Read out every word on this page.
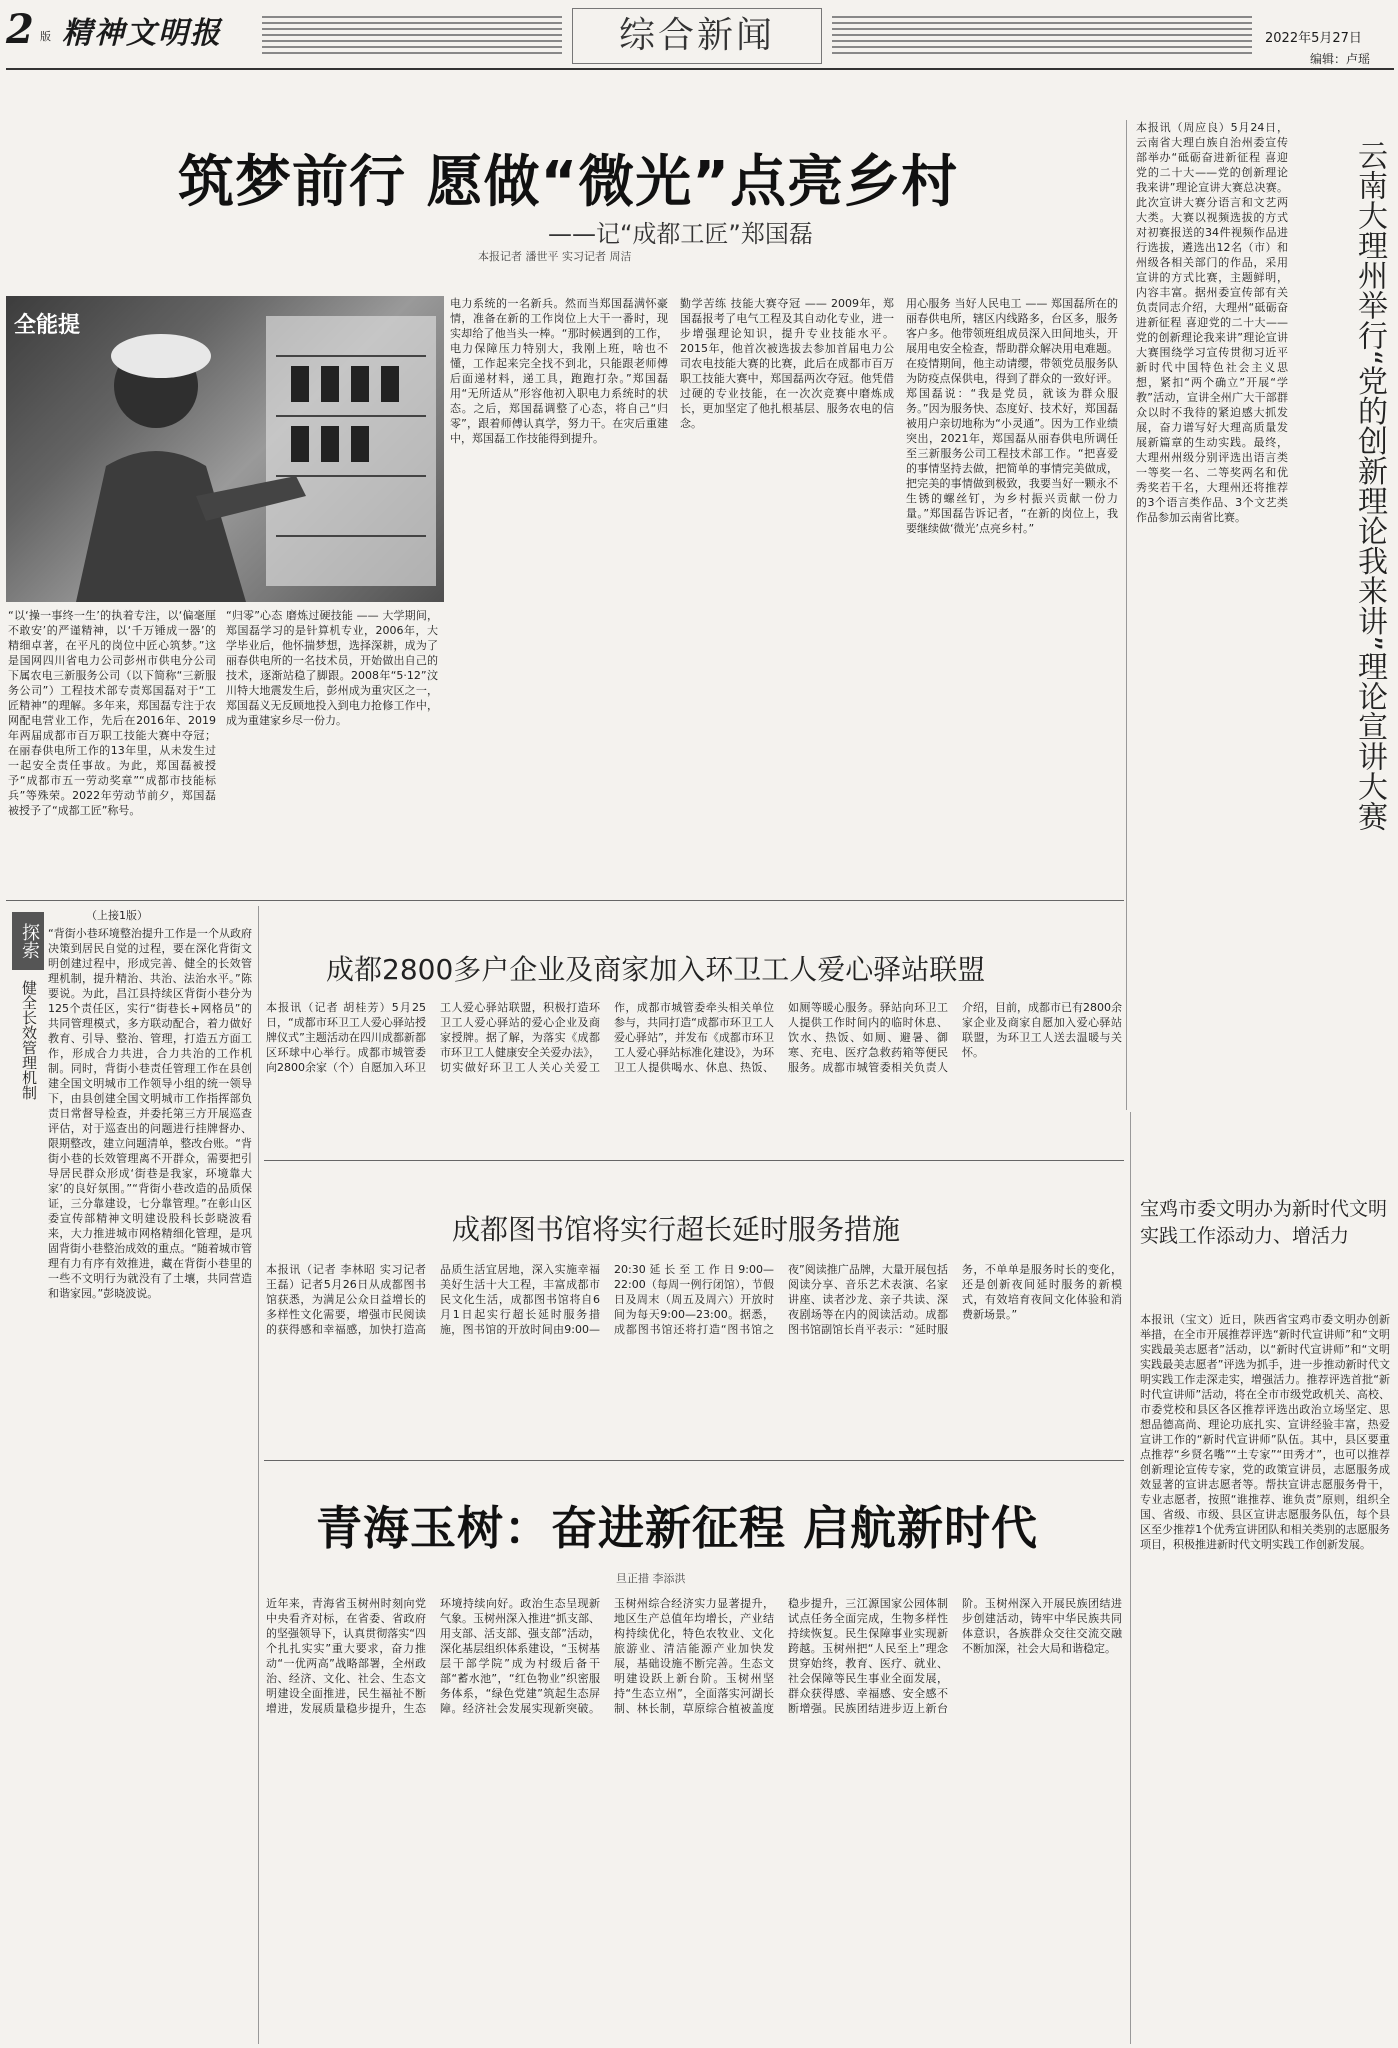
2 版 精神文明报	综合新闻	2022年5月27日
编辑：卢瑶
筑梦前行 愿做“微光”点亮乡村
——记“成都工匠”郑国磊
本报记者 潘世平 实习记者 周洁
全能提
“以‘操一事终一生’的执着专注，以‘偏毫厘不敢安’的严谨精神，以‘千万锤成一器’的精细卓著，在平凡的岗位中匠心筑梦。”这是国网四川省电力公司彭州市供电分公司下属农电三新服务公司（以下简称“三新服务公司”）工程技术部专责郑国磊对于“工匠精神”的理解。多年来，郑国磊专注于农网配电营业工作，先后在2016年、2019年两届成都市百万职工技能大赛中夺冠；在丽春供电所工作的13年里，从未发生过一起安全责任事故。为此，郑国磊被授予“成都市五一劳动奖章”“成都市技能标兵”等殊荣。2022年劳动节前夕，郑国磊被授予了“成都工匠”称号。
“归零”心态 磨炼过硬技能 —— 大学期间，郑国磊学习的是针算机专业，2006年，大学毕业后，他怀揣梦想，选择深耕，成为了丽春供电所的一名技术员，开始做出自己的技术，逐渐站稳了脚跟。2008年“5·12”汶川特大地震发生后，彭州成为重灾区之一，郑国磊义无反顾地投入到电力抢修工作中，成为重建家乡尽一份力。
电力系统的一名新兵。然而当郑国磊满怀豪情，准备在新的工作岗位上大干一番时，现实却给了他当头一棒。“那时候遇到的工作，电力保障压力特别大，我刚上班，啥也不懂，工作起来完全找不到北，只能跟老师傅后面递材料，递工具，跑跑打杂。”郑国磊用“无所适从”形容他初入职电力系统时的状态。之后，郑国磊调整了心态，将自己“归零”，跟着师傅认真学，努力干。在灾后重建中，郑国磊工作技能得到提升。
勤学苦练 技能大赛夺冠 —— 2009年，郑国磊报考了电气工程及其自动化专业，进一步增强理论知识，提升专业技能水平。2015年，他首次被选拔去参加首届电力公司农电技能大赛的比赛，此后在成都市百万职工技能大赛中，郑国磊两次夺冠。他凭借过硬的专业技能，在一次次竞赛中磨炼成长，更加坚定了他扎根基层、服务农电的信念。
用心服务 当好人民电工 —— 郑国磊所在的丽春供电所，辖区内线路多，台区多，服务客户多。他带领班组成员深入田间地头，开展用电安全检查，帮助群众解决用电难题。在疫情期间，他主动请缨，带领党员服务队为防疫点保供电，得到了群众的一致好评。 郑国磊说：“我是党员，就该为群众服务。”因为服务快、态度好、技术好，郑国磊被用户亲切地称为“小灵通”。因为工作业绩突出，2021年，郑国磊从丽春供电所调任至三新服务公司工程技术部工作。“把喜爱的事情坚持去做，把简单的事情完美做成，把完美的事情做到极致，我要当好一颗永不生锈的螺丝钉，为乡村振兴贡献一份力量。”郑国磊告诉记者，“在新的岗位上，我要继续做‘微光’点亮乡村。”
本报讯（周应良）5月24日，云南省大理白族自治州委宣传部举办“砥砺奋进新征程 喜迎党的二十大——党的创新理论我来讲”理论宣讲大赛总决赛。此次宣讲大赛分语言和文艺两大类。大赛以视频选拔的方式对初赛报送的34件视频作品进行选拔，遴选出12名（市）和州级各相关部门的作品，采用宣讲的方式比赛，主题鲜明，内容丰富。据州委宣传部有关负责同志介绍，大理州“砥砺奋进新征程 喜迎党的二十大——党的创新理论我来讲”理论宣讲大赛围绕学习宣传贯彻习近平新时代中国特色社会主义思想，紧扣“两个确立”开展“学教”活动，宣讲全州广大干部群众以时不我待的紧迫感大抓发展，奋力谱写好大理高质量发展新篇章的生动实践。最终，大理州州级分别评选出语言类一等奖一名、二等奖两名和优秀奖若干名，大理州还将推荐的3个语言类作品、3个文艺类作品参加云南省比赛。	云南大理州举行“党的创新理论我来讲”理论宣讲大赛
探索
健全长效管理机制
（上接1版）
“背街小巷环境整治提升工作是一个从政府决策到居民自觉的过程，要在深化背街文明创建过程中，形成完善、健全的长效管理机制，提升精治、共治、法治水平。”陈要说。为此，昌江县持续区背街小巷分为125个责任区，实行“街巷长+网格员”的共同管理模式，多方联动配合，着力做好教育、引导、整治、管理，打造五方面工作，形成合力共进，合力共治的工作机制。同时，背街小巷责任管理工作在县创建全国文明城市工作领导小组的统一领导下，由县创建全国文明城市工作指挥部负责日常督导检查，并委托第三方开展巡查评估，对于巡查出的问题进行挂牌督办、限期整改，建立问题清单，整改台账。“背街小巷的长效管理离不开群众，需要把引导居民群众形成‘街巷是我家，环境靠大家’的良好氛围。”“背街小巷改造的品质保证，三分靠建设，七分靠管理。”在彰山区委宣传部精神文明建设股科长彭晓波看来，大力推进城市网格精细化管理，是巩固背街小巷整治成效的重点。“随着城市管理有力有序有效推进，藏在背街小巷里的一些不文明行为就没有了土壤，共同营造和谐家园。”彭晓波说。
成都2800多户企业及商家加入环卫工人爱心驿站联盟
本报讯（记者 胡桂芳）5月25日，“成都市环卫工人爱心驿站授牌仪式”主题活动在四川成都新都区环球中心举行。成都市城管委向2800余家（个）自愿加入环卫工人爱心驿站联盟，积极打造环卫工人爱心驿站的爱心企业及商家授牌。据了解，为落实《成都市环卫工人健康安全关爱办法》，切实做好环卫工人关心关爱工作，成都市城管委牵头相关单位参与，共同打造“成都市环卫工人爱心驿站”，并发布《成都市环卫工人爱心驿站标准化建设》，为环卫工人提供喝水、休息、热饭、如厕等暖心服务。驿站向环卫工人提供工作时间内的临时休息、饮水、热饭、如厕、避暑、御寒、充电、医疗急救药箱等便民服务。成都市城管委相关负责人介绍，目前，成都市已有2800余家企业及商家自愿加入爱心驿站联盟，为环卫工人送去温暖与关怀。
成都图书馆将实行超长延时服务措施
本报讯（记者 李林昭 实习记者 王磊）记者5月26日从成都图书馆获悉，为满足公众日益增长的多样性文化需要，增强市民阅读的获得感和幸福感，加快打造高品质生活宜居地，深入实施幸福美好生活十大工程，丰富成都市民文化生活，成都图书馆将自6月1日起实行超长延时服务措施，图书馆的开放时间由9:00—20:30延长至工作日9:00—22:00（每周一例行闭馆），节假日及周末（周五及周六）开放时间为每天9:00—23:00。据悉，成都图书馆还将打造“图书馆之夜”阅读推广品牌，大量开展包括阅读分享、音乐艺术表演、名家讲座、读者沙龙、亲子共读、深夜剧场等在内的阅读活动。成都图书馆副馆长肖平表示：“延时服务，不单单是服务时长的变化，还是创新夜间延时服务的新模式，有效培育夜间文化体验和消费新场景。”
宝鸡市委文明办为新时代文明实践工作添动力、增活力
本报讯（宝文）近日，陕西省宝鸡市委文明办创新举措，在全市开展推荐评选“新时代宣讲师”和“文明实践最美志愿者”活动，以“新时代宣讲师”和“文明实践最美志愿者”评选为抓手，进一步推动新时代文明实践工作走深走实，增强活力。推荐评选首批“新时代宣讲师”活动，将在全市市级党政机关、高校、市委党校和县区各区推荐评选出政治立场坚定、思想品德高尚、理论功底扎实、宣讲经验丰富，热爱宣讲工作的“新时代宣讲师”队伍。其中，县区要重点推荐“乡贤名嘴”“土专家”“田秀才”，也可以推荐创新理论宣传专家，党的政策宣讲员，志愿服务成效显著的宣讲志愿者等。帮扶宣讲志愿服务骨干，专业志愿者，按照“谁推荐、谁负责”原则，组织全国、省级、市级、县区宣讲志愿服务队伍，每个县区至少推荐1个优秀宣讲团队和相关类别的志愿服务项目，积极推进新时代文明实践工作创新发展。
青海玉树：奋进新征程 启航新时代
旦正措 李添洪
近年来，青海省玉树州时刻向党中央看齐对标，在省委、省政府的坚强领导下，认真贯彻落实“四个扎扎实实”重大要求，奋力推动“一优两高”战略部署，全州政治、经济、文化、社会、生态文明建设全面推进，民生福祉不断增进，发展质量稳步提升，生态环境持续向好。政治生态呈现新气象。玉树州深入推进“抓支部、用支部、活支部、强支部”活动，深化基层组织体系建设，“玉树基层干部学院”成为村级后备干部“蓄水池”，“红色物业”织密服务体系，“绿色党建”筑起生态屏障。经济社会发展实现新突破。玉树州综合经济实力显著提升，地区生产总值年均增长，产业结构持续优化，特色农牧业、文化旅游业、清洁能源产业加快发展，基础设施不断完善。生态文明建设跃上新台阶。玉树州坚持“生态立州”，全面落实河湖长制、林长制，草原综合植被盖度稳步提升，三江源国家公园体制试点任务全面完成，生物多样性持续恢复。民生保障事业实现新跨越。玉树州把“人民至上”理念贯穿始终，教育、医疗、就业、社会保障等民生事业全面发展，群众获得感、幸福感、安全感不断增强。民族团结进步迈上新台阶。玉树州深入开展民族团结进步创建活动，铸牢中华民族共同体意识，各族群众交往交流交融不断加深，社会大局和谐稳定。
